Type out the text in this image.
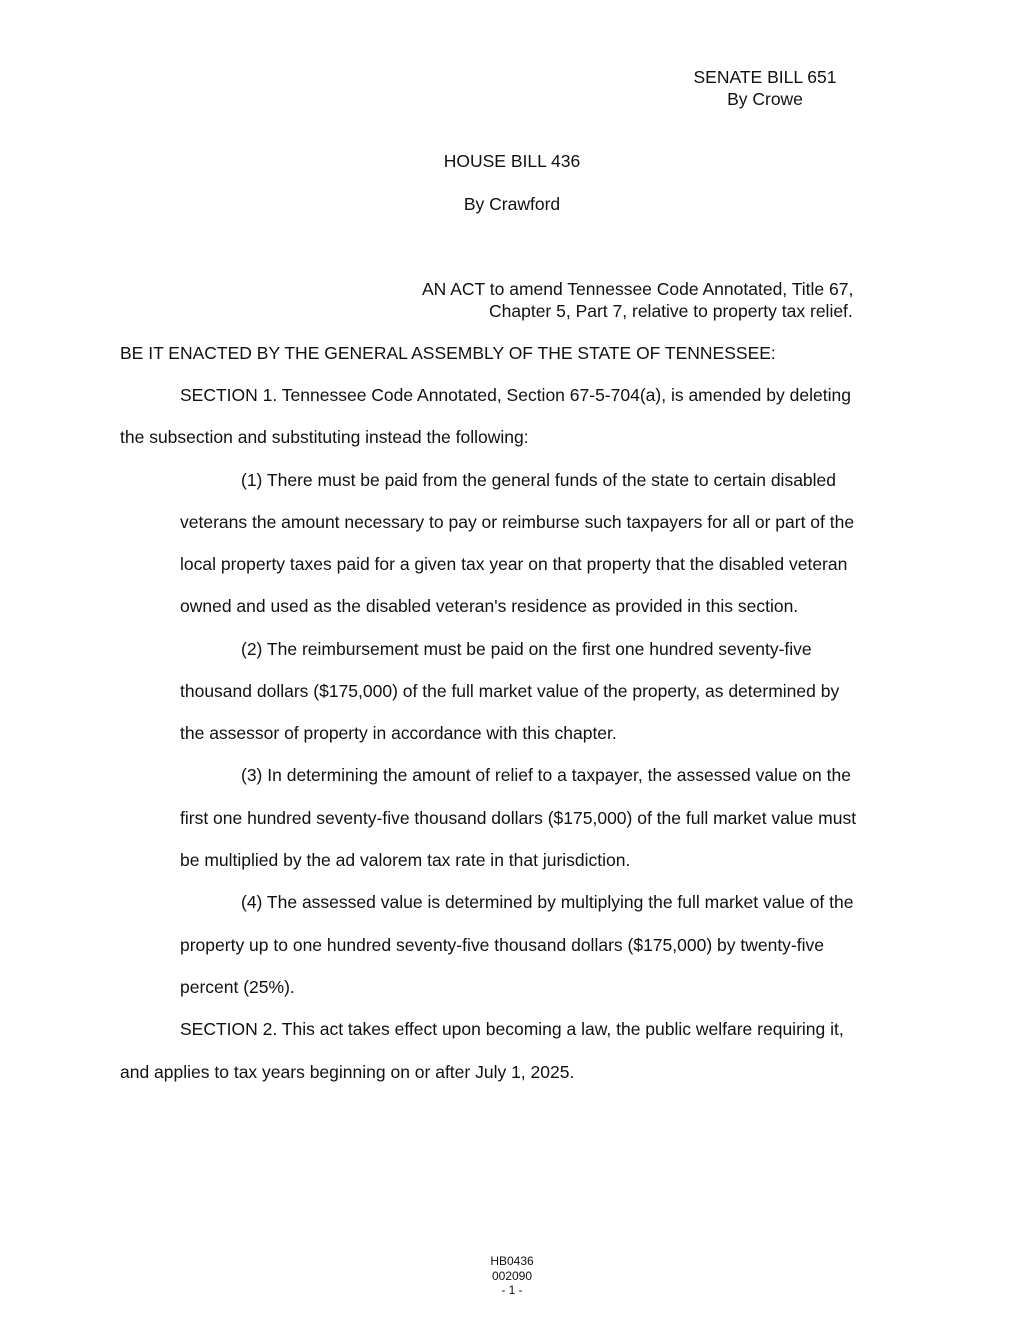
SENATE BILL 651
By Crowe
HOUSE BILL 436
By Crawford
AN ACT to amend Tennessee Code Annotated, Title 67,
Chapter 5, Part 7, relative to property tax relief.
BE IT ENACTED BY THE GENERAL ASSEMBLY OF THE STATE OF TENNESSEE:
SECTION 1. Tennessee Code Annotated, Section 67-5-704(a), is amended by deleting
the subsection and substituting instead the following:
(1) There must be paid from the general funds of the state to certain disabled
veterans the amount necessary to pay or reimburse such taxpayers for all or part of the
local property taxes paid for a given tax year on that property that the disabled veteran
owned and used as the disabled veteran's residence as provided in this section.
(2) The reimbursement must be paid on the first one hundred seventy-five
thousand dollars ($175,000) of the full market value of the property, as determined by
the assessor of property in accordance with this chapter.
(3) In determining the amount of relief to a taxpayer, the assessed value on the
first one hundred seventy-five thousand dollars ($175,000) of the full market value must
be multiplied by the ad valorem tax rate in that jurisdiction.
(4) The assessed value is determined by multiplying the full market value of the
property up to one hundred seventy-five thousand dollars ($175,000) by twenty-five
percent (25%).
SECTION 2. This act takes effect upon becoming a law, the public welfare requiring it,
and applies to tax years beginning on or after July 1, 2025.
HB0436
002090
- 1 -
